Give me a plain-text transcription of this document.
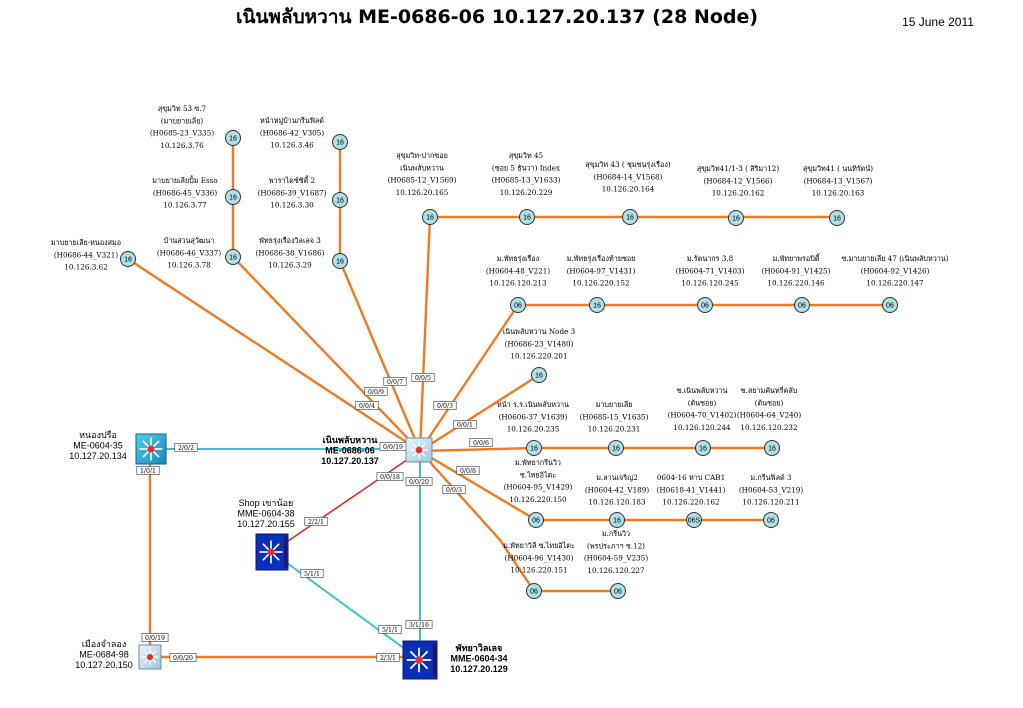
0/0/7
0/0/5
0/0/9
0/0/4	0/0/3
0/0/1
2/0/2	0/0/19
0/0/6
1/0/1
0/0/18
0/0/20
0/0/8
0/0/3
2/2/1
5/1/1
3/1/16
5/1/1
0/0/19
0/0/20	2/3/1
16
สุขุมวิท 53 ซ.7
(มาบยายเลีย)
(H0685-23_V335)
10.126.3.76	16
หน้าหมู่บ้านกรีนฟิลด์
(H0686-42_V305)
10.126.3.46
16
มาบยายเลียปั้ม Esso
(H0686-45_V336)
10.126.3.77	16
พาราไดซ์ซิตี้ 2
(H0686-39_V1687)
10.126.3.30
16
มาบยายเลีย-หนองสมอ
(H0686-44_V321)
10.126.3.62
16
บ้านสวนสุวัฒนา
(H0686-46_V337)
10.126.3.78	16
พัทธรุ่งเรืองวิลเลจ 3
(H0686-38_V1686)
10.126.3.29
16
สุขุมวิท-ปากซอย
เนินพลับหวาน
(H0685-12_V1569)
10.126.20.165
16
สุขุมวิท 45
(ซอย 5 ธันวา) Index
(H0685-13_V1633)
10.126.20.229
16
สุขุมวิท 43 ( ชุมชนรุ่งเรือง)
(H0684-14_V1568)
10.126.20.164
16
สุขุมวิท41/1-3 ( สิริมา12)
(H0684-12_V1566)
10.126.20.162
16
สุขุมวิท41 ( นนทิรัตน์)
(H0684-13_V1567)
10.126.20.163
06
ม.พัทธรุ่งเรือง
(H0604-48_V221)
10.126.120.213
16
ม.พัทธรุ่งเรืองท้ายซอย
(H0604-97_V1431)
10.126.220.152
06
ม.รัตนากร 3,8
(H0604-71_V1403)
10.126.120.245
06
ม.พัทยาพรอปิตี้
(H0604-91_V1425)
10.126.220.146
06
ซ.มาบยายเลีย 47 (เนินพลับหวาน)
(H0604-92_V1426)
10.126.220.147
16
เนินพลับหวาน Node 3
(H0686-23_V1480)
10.126.220.201
16
หน้า ร.ร.เนินพลับหวาน
(H0606-37_V1639)
10.126.20.235
16
มาบยายเลีย
(H0685-15_V1635)
10.126.20.231
16
ซ.เนินพลับหวาน
(ต้นซอย)
(H0604-70_V1402)
10.126.120.244
16
ซ.สยามคันทรี่คลับ
(ต้นซอย)
(H0604-64_V240)
10.126.120.232
06
ม.พัทยากรีนวิว
ซ.ไทยอิไตะ
(H0604-95_V1429)
10.126.220.150
16
ม.ลานเจริญ2
(H0604-42_V189)
10.126.120.183
06S
0604-16 หาบ CAB1
(H0618-41_V1441)
10.126.220.162
06
ม.กรีนฟิลด์ 3
(H0604-53_V219)
10.126.120.211
06
ม.พัทยาวิลี ซ.ไทยอิไตะ
(H0604-96_V1430)
10.126.220.151
06
ม.กรีนวิว
(พรประภาฯ ซ.12)
(H0604-59_V235)
10.126.120.227
เนินพลับหวาน
ME-0686-06
10.127.20.137
หนองปรือ
ME-0604-35
10.127.20.134
Shop เขาน้อย
MME-0604-38
10.127.20.155
เมืองจำลอง
ME-0684-98
10.127.20.150
พัทยาวิลเลจ
MME-0604-34
10.127.20.129
เนินพลับหวาน ME-0686-06 10.127.20.137 (28 Node)	15 June 2011
